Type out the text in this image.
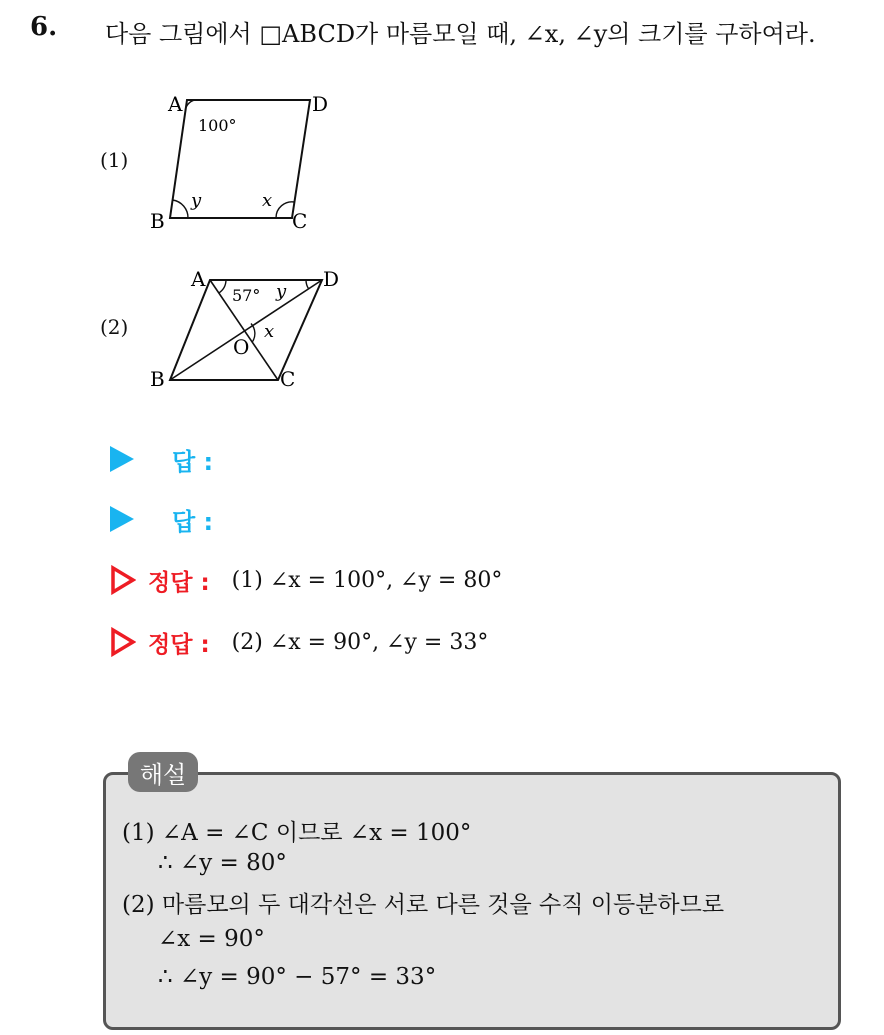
6. 다음 그림에서 □ABCD가 마름모일 때, ∠x, ∠y의 크기를 구하여라.
(1)
A	D
B	C
100°
y	x
(2)
A	D
B	C
O
57° y
x
답 :
답 :
정답 : (1) ∠x = 100°, ∠y = 80°
정답 : (2) ∠x = 90°, ∠y = 33°
해설
(1) ∠A = ∠C 이므로 ∠x = 100°
∴ ∠y = 80°
(2) 마름모의 두 대각선은 서로 다른 것을 수직 이등분하므로
∠x = 90°
∴ ∠y = 90° − 57° = 33°
